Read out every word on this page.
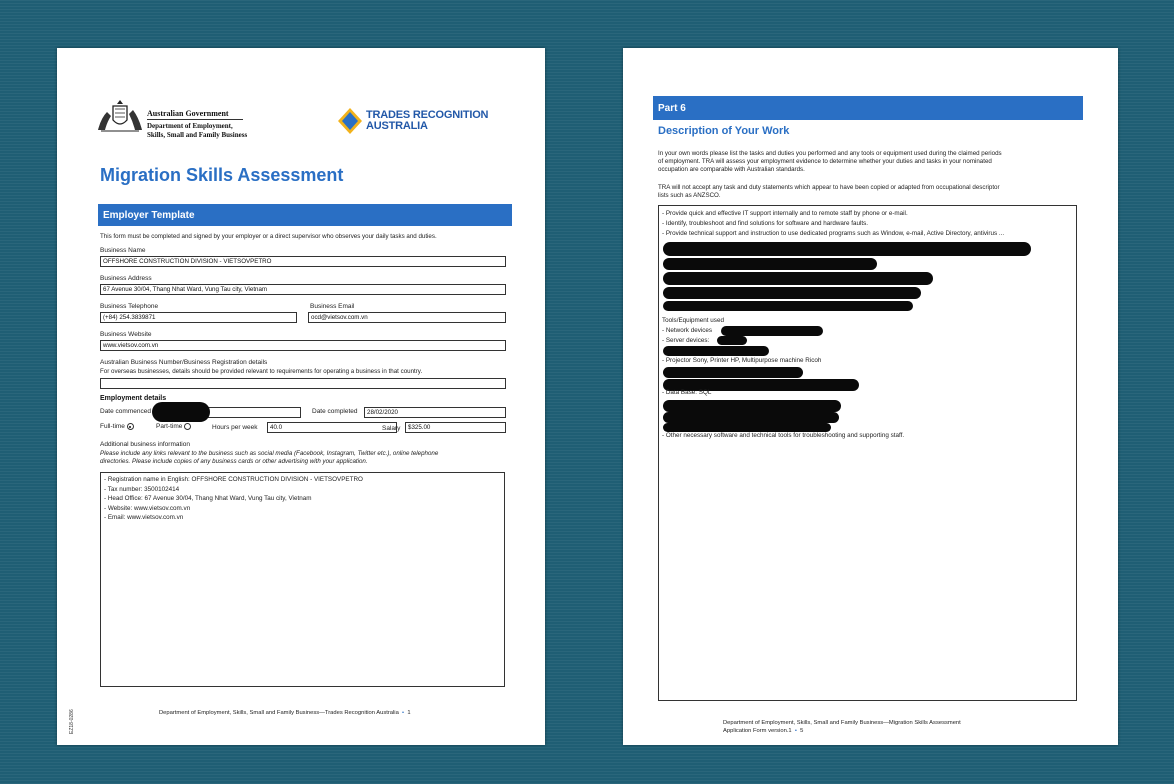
Australian Government
Department of Employment,
Skills, Small and Family Business
TRADES RECOGNITION
AUSTRALIA
Migration Skills Assessment
Employer Template
This form must be completed and signed by your employer or a direct supervisor who observes your daily tasks and duties.
Business Name
OFFSHORE CONSTRUCTION DIVISION - VIETSOVPETRO
Business Address
67 Avenue 30/04, Thang Nhat Ward, Vung Tau city, Vietnam
Business Telephone
(+84) 254.3839871
Business Email
ocd@vietsov.com.vn
Business Website
www.vietsov.com.vn
Australian Business Number/Business Registration details
For overseas businesses, details should be provided relevant to requirements for operating a business in that country.
Employment details
Date commenced	Date completed	28/02/2020
Full-time	Part-time	Hours per week	40.0	Salary	$325.00
Additional business information
Please include any links relevant to the business such as social media (Facebook, Instagram, Twitter etc.), online telephone
directories. Please include copies of any business cards or other advertising with your application.
- Registration name in English: OFFSHORE CONSTRUCTION DIVISION - VIETSOVPETRO
- Tax number: 3500102414
- Head Office: 67 Avenue 30/04, Thang Nhat Ward, Vung Tau city, Vietnam
- Website: www.vietsov.com.vn
- Email: www.vietsov.com.vn
EZ18-0286	Department of Employment, Skills, Small and Family Business—Trades Recognition Australia  •  1
Part 6
Description of Your Work
In your own words please list the tasks and duties you performed and any tools or equipment used during the claimed periods
of employment. TRA will assess your employment evidence to determine whether your duties and tasks in your nominated
occupation are comparable with Australian standards.
TRA will not accept any task and duty statements which appear to have been copied or adapted from occupational descriptor
lists such as ANZSCO.
- Provide quick and effective IT support internally and to remote staff by phone or e-mail.
- Identify, troubleshoot and find solutions for software and hardware faults.
- Provide technical support and instruction to use dedicated programs such as Window, e-mail, Active Directory, antivirus ...
Tools/Equipment used
- Network devices
- Server devices:
- Projector Sony, Printer HP, Multipurpose machine Ricoh
- Data Base: SQL
- Other necessary software and technical tools for troubleshooting and supporting staff.
Department of Employment, Skills, Small and Family Business—Migration Skills Assessment
Application Form version.1  •  5
